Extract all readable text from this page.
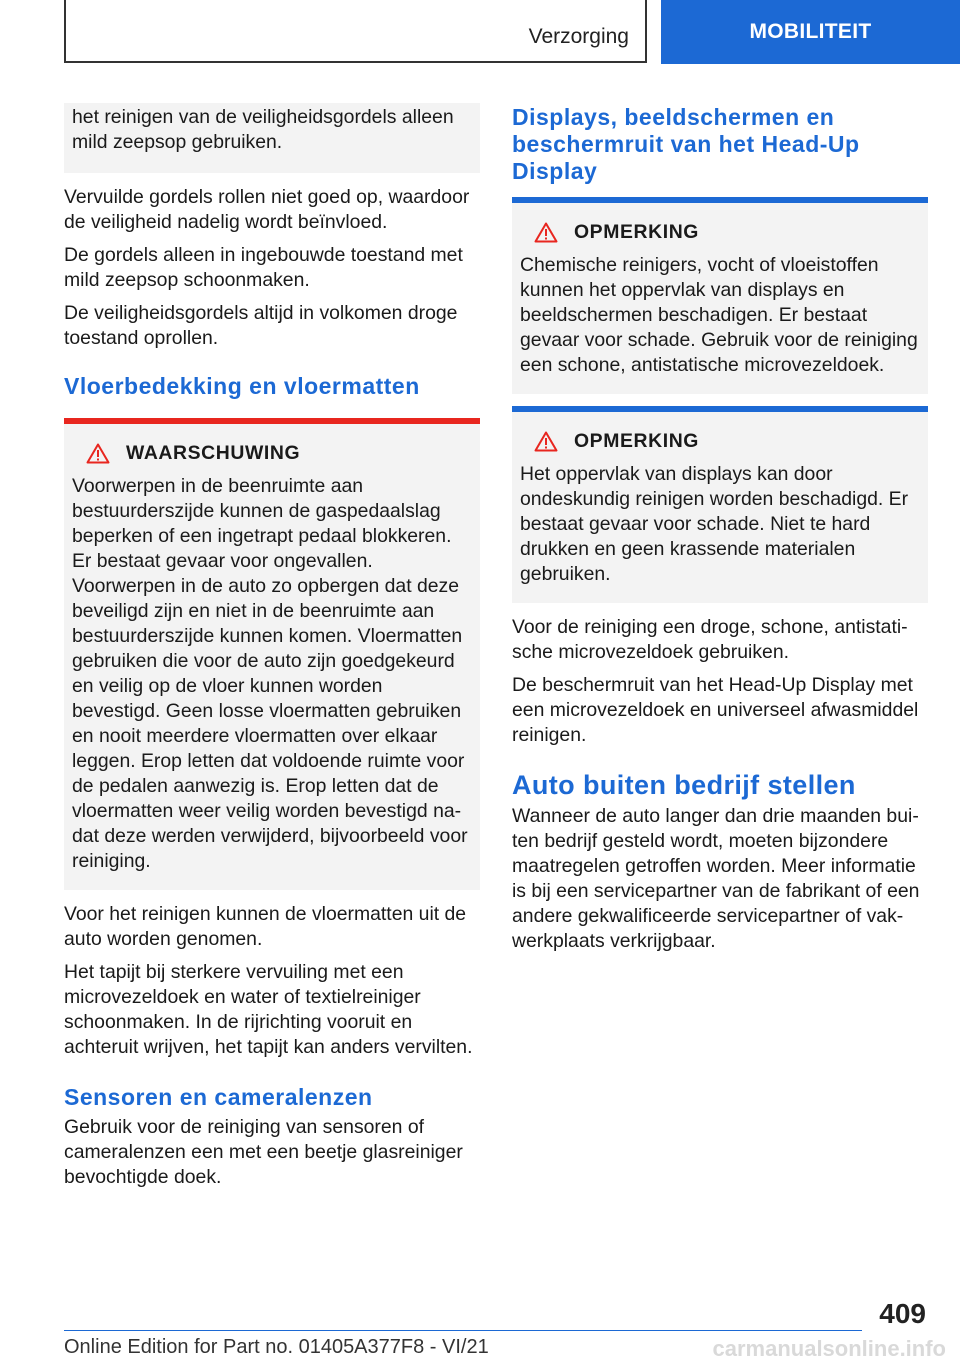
Verzorging	MOBILITEIT

het reinigen van de veiligheidsgordels alleen mild zeepsop gebruiken.

Vervuilde gordels rollen niet goed op, waardoor de veiligheid nadelig wordt beïnvloed.

De gordels alleen in ingebouwde toestand met mild zeepsop schoonmaken.

De veiligheidsgordels altijd in volkomen droge toestand oprollen.

Vloerbedekking en vloermatten
WAARSCHUWING

Voorwerpen in de beenruimte aan bestuurderszijde kunnen de gaspedaalslag beperken of een ingetrapt pedaal blokkeren. Er bestaat gevaar voor ongevallen. Voorwerpen in de auto zo opbergen dat deze beveiligd zijn en niet in de beenruimte aan bestuurderszijde kunnen komen. Vloermatten gebruiken die voor de auto zijn goedgekeurd en veilig op de vloer kunnen worden bevestigd. Geen losse vloermatten gebruiken en nooit meerdere vloermatten over elkaar leggen. Erop letten dat voldoende ruimte voor de pedalen aanwezig is. Erop letten dat de vloermatten weer veilig worden bevestigd nadat deze werden verwijderd, bijvoorbeeld voor reiniging.

Voor het reinigen kunnen de vloermatten uit de auto worden genomen.

Het tapijt bij sterkere vervuiling met een microvezeldoek en water of textielreiniger schoonmaken. In de rijrichting vooruit en achteruit wrijven, het tapijt kan anders vervilten.

Sensoren en cameralenzen

Gebruik voor de reiniging van sensoren of cameralenzen een met een beetje glasreiniger bevochtigde doek.

Displays, beeldschermen en beschermruit van het Head-Up Display
OPMERKING

Chemische reinigers, vocht of vloeistoffen kunnen het oppervlak van displays en beeldschermen beschadigen. Er bestaat gevaar voor schade. Gebruik voor de reiniging een schone, antistatische microvezeldoek.

OPMERKING

Het oppervlak van displays kan door ondeskundig reinigen worden beschadigd. Er bestaat gevaar voor schade. Niet te hard drukken en geen krassende materialen gebruiken.

Voor de reiniging een droge, schone, antistatische microvezeldoek gebruiken.

De beschermruit van het Head-Up Display met een microvezeldoek en universeel afwasmiddel reinigen.

Auto buiten bedrijf stellen

Wanneer de auto langer dan drie maanden buiten bedrijf gesteld wordt, moeten bijzondere maatregelen getroffen worden. Meer informatie is bij een servicepartner van de fabrikant of een andere gekwalificeerde servicepartner of vakwerkplaats verkrijgbaar.

409
Online Edition for Part no. 01405A377F8 - VI/21	carmanualsonline.info
